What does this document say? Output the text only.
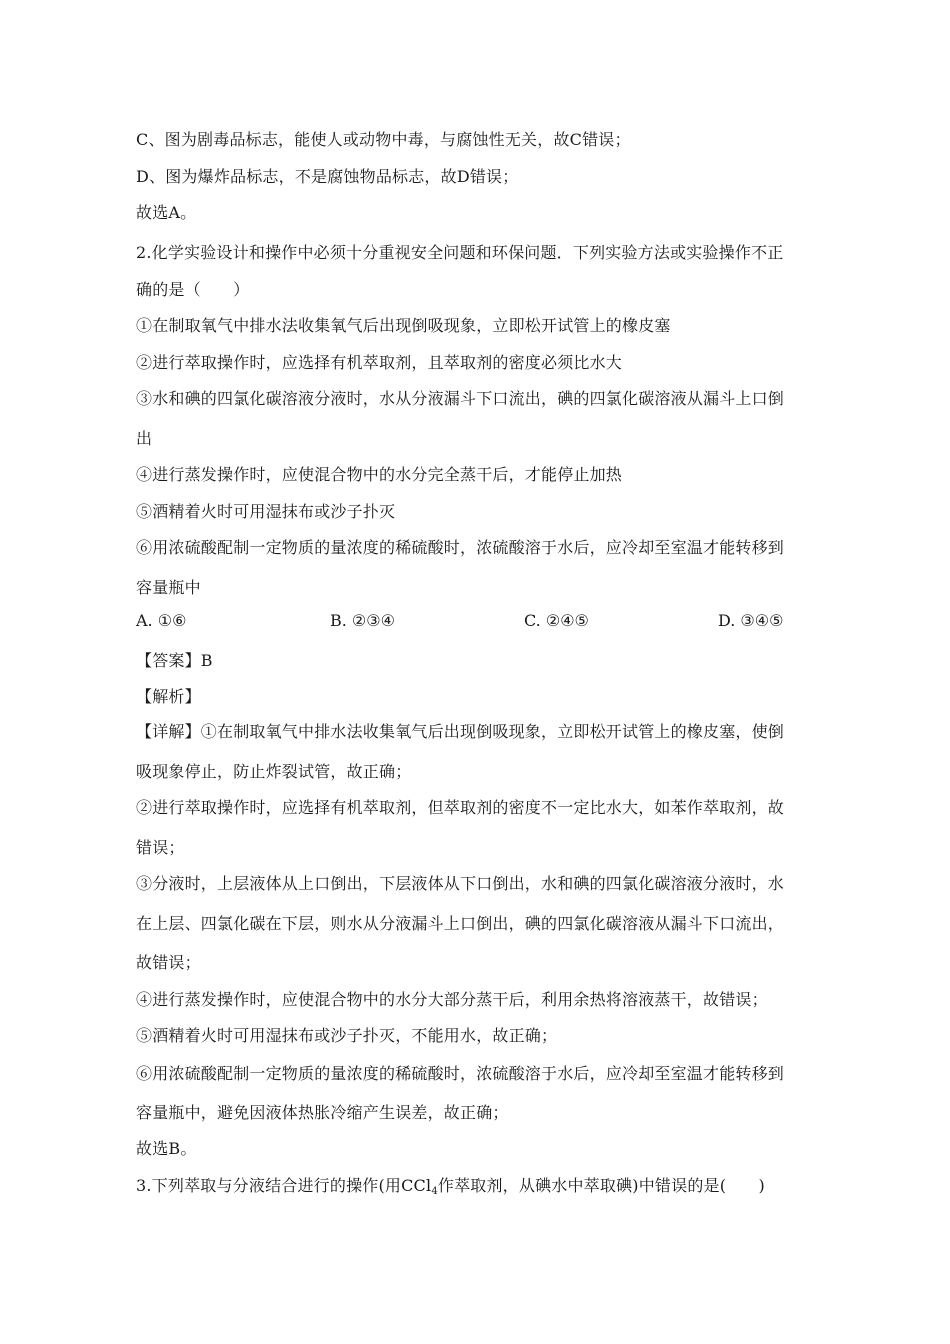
C、图为剧毒品标志，能使人或动物中毒，与腐蚀性无关，故C错误；
D、图为爆炸品标志，不是腐蚀物品标志，故D错误；
故选A。
2.化学实验设计和操作中必须十分重视安全问题和环保问题．下列实验方法或实验操作不正
确的是（　　）
①在制取氧气中排水法收集氧气后出现倒吸现象，立即松开试管上的橡皮塞
②进行萃取操作时，应选择有机萃取剂，且萃取剂的密度必须比水大
③水和碘的四氯化碳溶液分液时，水从分液漏斗下口流出，碘的四氯化碳溶液从漏斗上口倒
出
④进行蒸发操作时，应使混合物中的水分完全蒸干后，才能停止加热
⑤酒精着火时可用湿抹布或沙子扑灭
⑥用浓硫酸配制一定物质的量浓度的稀硫酸时，浓硫酸溶于水后，应冷却至室温才能转移到
容量瓶中
A. ①⑥	B. ②③④	C. ②④⑤	D. ③④⑤
【答案】B
【解析】
【详解】①在制取氧气中排水法收集氧气后出现倒吸现象，立即松开试管上的橡皮塞，使倒
吸现象停止，防止炸裂试管，故正确；
②进行萃取操作时，应选择有机萃取剂，但萃取剂的密度不一定比水大，如苯作萃取剂，故
错误；
③分液时，上层液体从上口倒出，下层液体从下口倒出，水和碘的四氯化碳溶液分液时，水
在上层、四氯化碳在下层，则水从分液漏斗上口倒出，碘的四氯化碳溶液从漏斗下口流出，
故错误；
④进行蒸发操作时，应使混合物中的水分大部分蒸干后，利用余热将溶液蒸干，故错误；
⑤酒精着火时可用湿抹布或沙子扑灭，不能用水，故正确；
⑥用浓硫酸配制一定物质的量浓度的稀硫酸时，浓硫酸溶于水后，应冷却至室温才能转移到
容量瓶中，避免因液体热胀冷缩产生误差，故正确；
故选B。
3.下列萃取与分液结合进行的操作(用CCl$_4$作萃取剂，从碘水中萃取碘)中错误的是(　　)
